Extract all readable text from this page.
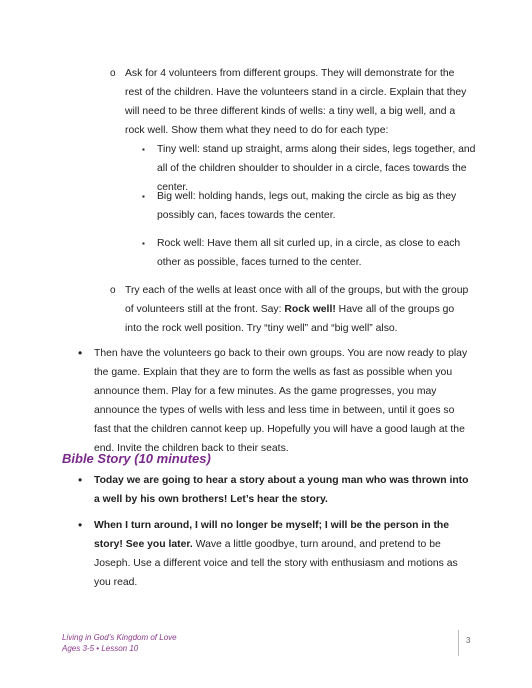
o Ask for 4 volunteers from different groups. They will demonstrate for the rest of the children. Have the volunteers stand in a circle. Explain that they will need to be three different kinds of wells: a tiny well, a big well, and a rock well. Show them what they need to do for each type:

▪ Tiny well: stand up straight, arms along their sides, legs together, and all of the children shoulder to shoulder in a circle, faces towards the center.

▪ Big well: holding hands, legs out, making the circle as big as they possibly can, faces towards the center.

▪ Rock well: Have them all sit curled up, in a circle, as close to each other as possible, faces turned to the center.

o Try each of the wells at least once with all of the groups, but with the group of volunteers still at the front. Say: Rock well! Have all of the groups go into the rock well position. Try “tiny well” and “big well” also.

• Then have the volunteers go back to their own groups. You are now ready to play the game. Explain that they are to form the wells as fast as possible when you announce them. Play for a few minutes. As the game progresses, you may announce the types of wells with less and less time in between, until it goes so fast that the children cannot keep up. Hopefully you will have a good laugh at the end. Invite the children back to their seats.

Bible Story (10 minutes)
• Today we are going to hear a story about a young man who was thrown into a well by his own brothers! Let’s hear the story.

• When I turn around, I will no longer be myself; I will be the person in the story! See you later. Wave a little goodbye, turn around, and pretend to be Joseph. Use a different voice and tell the story with enthusiasm and motions as you read.

Living in God’s Kingdom of Love
Ages 3-5 • Lesson 10
3
